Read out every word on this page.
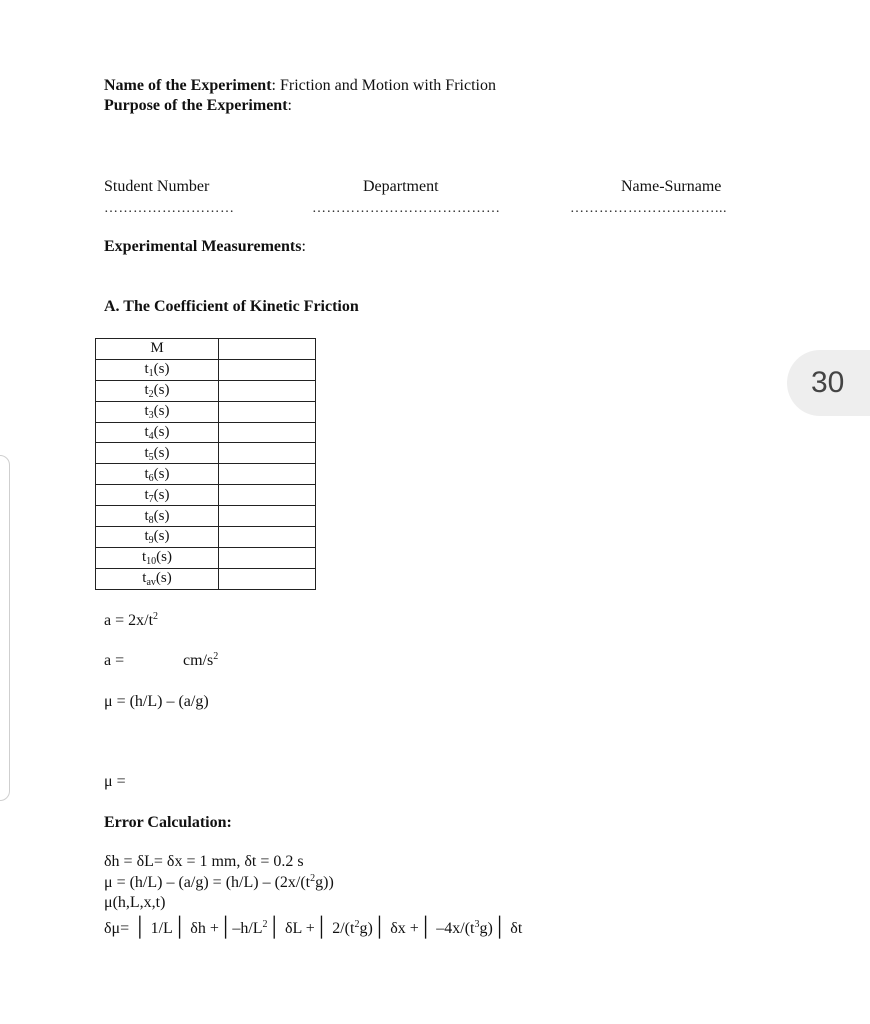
Name of the Experiment: Friction and Motion with Friction
Purpose of the Experiment:
Student Number	Department	Name-Surname
………………………	…………………………………	…………………………...
Experimental Measurements:
A. The Coefficient of Kinetic Friction
M	
$t_1(s)$	
$t_2(s)$	
$t_3(s)$	
$t_4(s)$	
$t_5(s)$	
$t_6(s)$	
$t_7(s)$	
$t_8(s)$	
$t_9(s)$	
$t_{10}(s)$	
$t_{av}(s)$	
$a = 2x/t^2$
a =	$cm/s^2$
μ = (h/L) – (a/g)
μ =
Error Calculation:
δh = δL= δx = 1 mm, δt = 0.2 s
$\mu = (h/L) - (a/g) = (h/L) - (2x/(t^2g))$
μ(h,L,x,t)
δμ= │ 1/L│ $\delta h +│-h/L^2│$ δL +│ $2/(t^2g)│$ δx +│ $-4x/(t^3g)│$ δt
30
